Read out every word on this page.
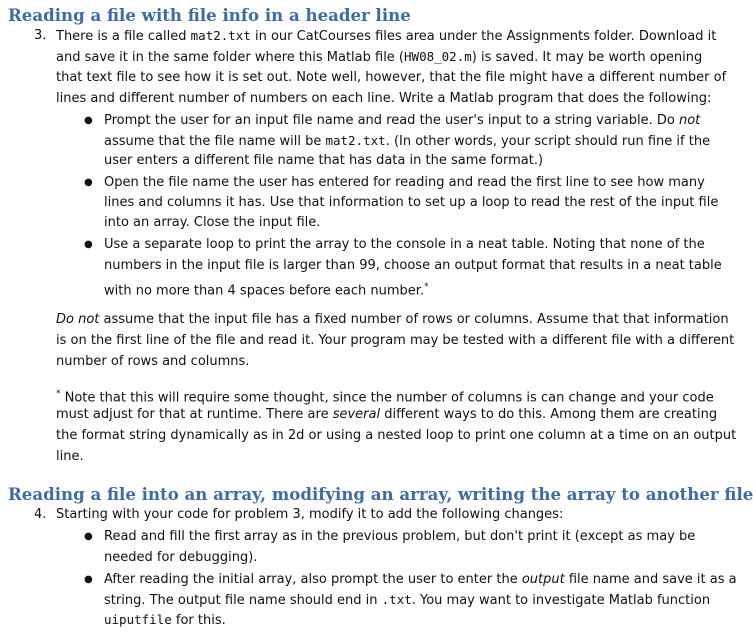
Reading a file with file info in a header line
3. There is a file called mat2.txt in our CatCourses files area under the Assignments folder. Download it
and save it in the same folder where this Matlab file (HW08_02.m) is saved. It may be worth opening
that text file to see how it is set out. Note well, however, that the file might have a different number of
lines and different number of numbers on each line. Write a Matlab program that does the following:
● Prompt the user for an input file name and read the user's input to a string variable. Do not
assume that the file name will be mat2.txt. (In other words, your script should run fine if the
user enters a different file name that has data in the same format.)
● Open the file name the user has entered for reading and read the first line to see how many
lines and columns it has. Use that information to set up a loop to read the rest of the input file
into an array. Close the input file.
● Use a separate loop to print the array to the console in a neat table. Noting that none of the
numbers in the input file is larger than 99, choose an output format that results in a neat table
with no more than 4 spaces before each number.*
Do not assume that the input file has a fixed number of rows or columns. Assume that that information
is on the first line of the file and read it. Your program may be tested with a different file with a different
number of rows and columns.
* Note that this will require some thought, since the number of columns is can change and your code
must adjust for that at runtime. There are several different ways to do this. Among them are creating
the format string dynamically as in 2d or using a nested loop to print one column at a time on an output
line.
Reading a file into an array, modifying an array, writing the array to another file
4. Starting with your code for problem 3, modify it to add the following changes:
● Read and fill the first array as in the previous problem, but don't print it (except as may be
needed for debugging).
● After reading the initial array, also prompt the user to enter the output file name and save it as a
string. The output file name should end in .txt. You may want to investigate Matlab function
uiputfile for this.
